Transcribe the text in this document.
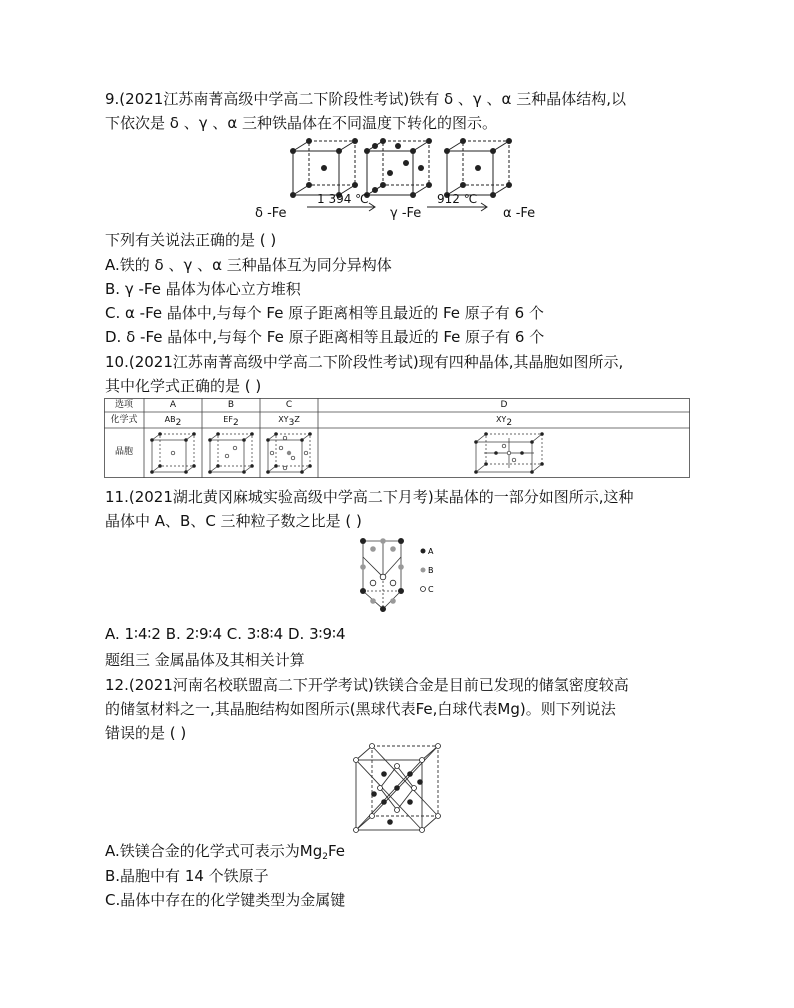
9.(2021江苏南菁高级中学高二下阶段性考试)铁有 δ 、γ 、α 三种晶体结构,以
下依次是 δ 、γ 、α 三种铁晶体在不同温度下转化的图示。
δ -Fe
1 394 ℃
γ -Fe
912 ℃
α -Fe
下列有关说法正确的是 ( )
A.铁的 δ 、γ 、α 三种晶体互为同分异构体
B. γ -Fe 晶体为体心立方堆积
C. α -Fe 晶体中,与每个 Fe 原子距离相等且最近的 Fe 原子有 6 个
D. δ -Fe 晶体中,与每个 Fe 原子距离相等且最近的 Fe 原子有 6 个
10.(2021江苏南菁高级中学高二下阶段性考试)现有四种晶体,其晶胞如图所示,
其中化学式正确的是 ( )
选项	A	B	C	D
化学式	AB2	EF2	XY3Z	XY2
晶胞
11.(2021湖北黄冈麻城实验高级中学高二下月考)某晶体的一部分如图所示,这种
晶体中 A、B、C 三种粒子数之比是 ( )
A
B
C
A. 1∶4∶2 B. 2∶9∶4 C. 3∶8∶4 D. 3∶9∶4
题组三 金属晶体及其相关计算
12.(2021河南名校联盟高二下开学考试)铁镁合金是目前已发现的储氢密度较高
的储氢材料之一,其晶胞结构如图所示(黑球代表Fe,白球代表Mg)。则下列说法
错误的是 ( )
A.铁镁合金的化学式可表示为$Mg_2Fe$
B.晶胞中有 14 个铁原子
C.晶体中存在的化学键类型为金属键
